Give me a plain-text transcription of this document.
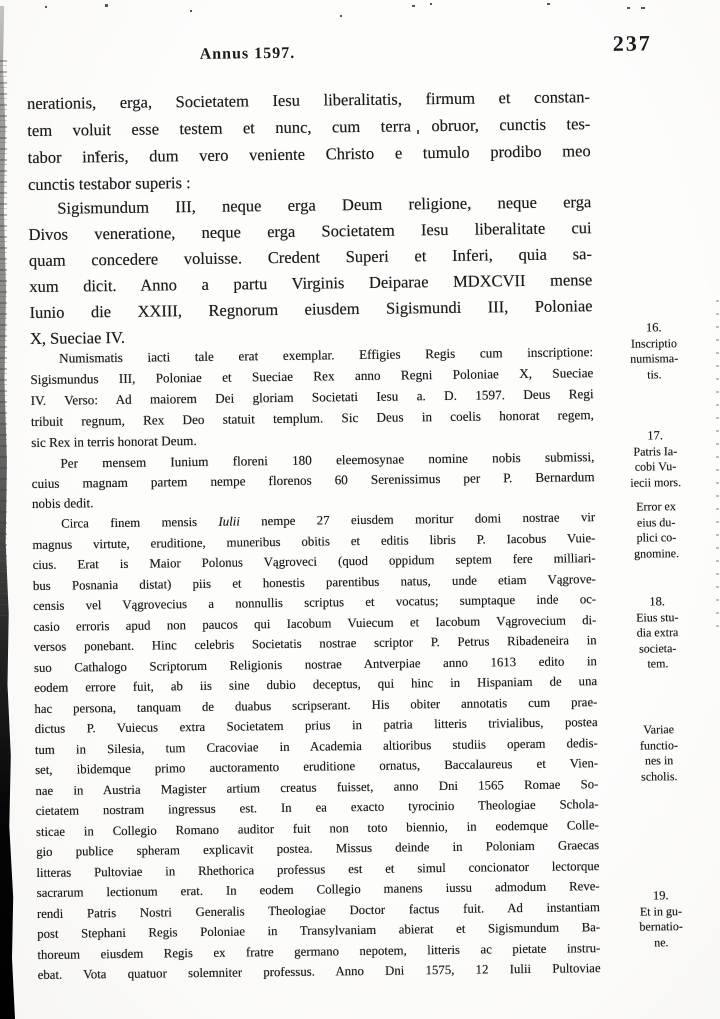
Annus 1597.	237
nerationis, erga, Societatem Iesu liberalitatis, firmum et constan-
tem voluit esse testem et nunc, cum terra obruor, cunctis tes-
tabor inferis, dum vero veniente Christo e tumulo prodibo meo
cunctis testabor superis :
Sigismundum III, neque erga Deum religione, neque erga
Divos veneratione, neque erga Societatem Iesu liberalitate cui
quam concedere voluisse. Credent Superi et Inferi, quia sa-
xum dicit. Anno a partu Virginis Deiparae MDXCVII mense
Iunio die XXIII, Regnorum eiusdem Sigismundi III, Poloniae
X, Sueciae IV.
Numismatis iacti tale erat exemplar. Effigies Regis cum inscriptione:
Sigismundus III, Poloniae et Sueciae Rex anno Regni Poloniae X, Sueciae
IV. Verso: Ad maiorem Dei gloriam Societati Iesu a. D. 1597. Deus Regi
tribuit regnum, Rex Deo statuit templum. Sic Deus in coelis honorat regem,
sic Rex in terris honorat Deum.
Per mensem Iunium floreni 180 eleemosynae nomine nobis submissi,
cuius magnam partem nempe florenos 60 Serenissimus per P. Bernardum
nobis dedit.
Circa finem mensis Iulii nempe 27 eiusdem moritur domi nostrae vir
magnus virtute, eruditione, muneribus obitis et editis libris P. Iacobus Vuie-
cius. Erat is Maior Polonus Vągroveci (quod oppidum septem fere milliari-
bus Posnania distat) piis et honestis parentibus natus, unde etiam Vągrove-
censis vel Vągrovecius a nonnullis scriptus et vocatus; sumptaque inde oc-
casio erroris apud non paucos qui Iacobum Vuiecum et Iacobum Vągrovecium di-
versos ponebant. Hinc celebris Societatis nostrae scriptor P. Petrus Ribadeneira in
suo Cathalogo Scriptorum Religionis nostrae Antverpiae anno 1613 edito in
eodem errore fuit, ab iis sine dubio deceptus, qui hinc in Hispaniam de una
hac persona, tanquam de duabus scripserant. His obiter annotatis cum prae-
dictus P. Vuiecus extra Societatem prius in patria litteris trivialibus, postea
tum in Silesia, tum Cracoviae in Academia altioribus studiis operam dedis-
set, ibidemque primo auctoramento eruditione ornatus, Baccalaureus et Vien-
nae in Austria Magister artium creatus fuisset, anno Dni 1565 Romae So-
cietatem nostram ingressus est. In ea exacto tyrocinio Theologiae Schola-
sticae in Collegio Romano auditor fuit non toto biennio, in eodemque Colle-
gio publice spheram explicavit postea. Missus deinde in Poloniam Graecas
litteras Pultoviae in Rhethorica professus est et simul concionator lectorque
sacrarum lectionum erat. In eodem Collegio manens iussu admodum Reve-
rendi Patris Nostri Generalis Theologiae Doctor factus fuit. Ad instantiam
post Stephani Regis Poloniae in Transylvaniam abierat et Sigismundum Ba-
thoreum eiusdem Regis ex fratre germano nepotem, litteris ac pietate instru-
ebat. Vota quatuor solemniter professus. Anno Dni 1575, 12 Iulii Pultoviae
16.
Inscriptio
numisma-
tis.
17.
Patris Ia-
cobi Vu-
iecii mors.
Error ex
eius du-
plici co-
gnomine.
18.
Eius stu-
dia extra
societa-
tem.
Variae
functio-
nes in
scholis.
19.
Et in gu-
bernatio-
ne.
